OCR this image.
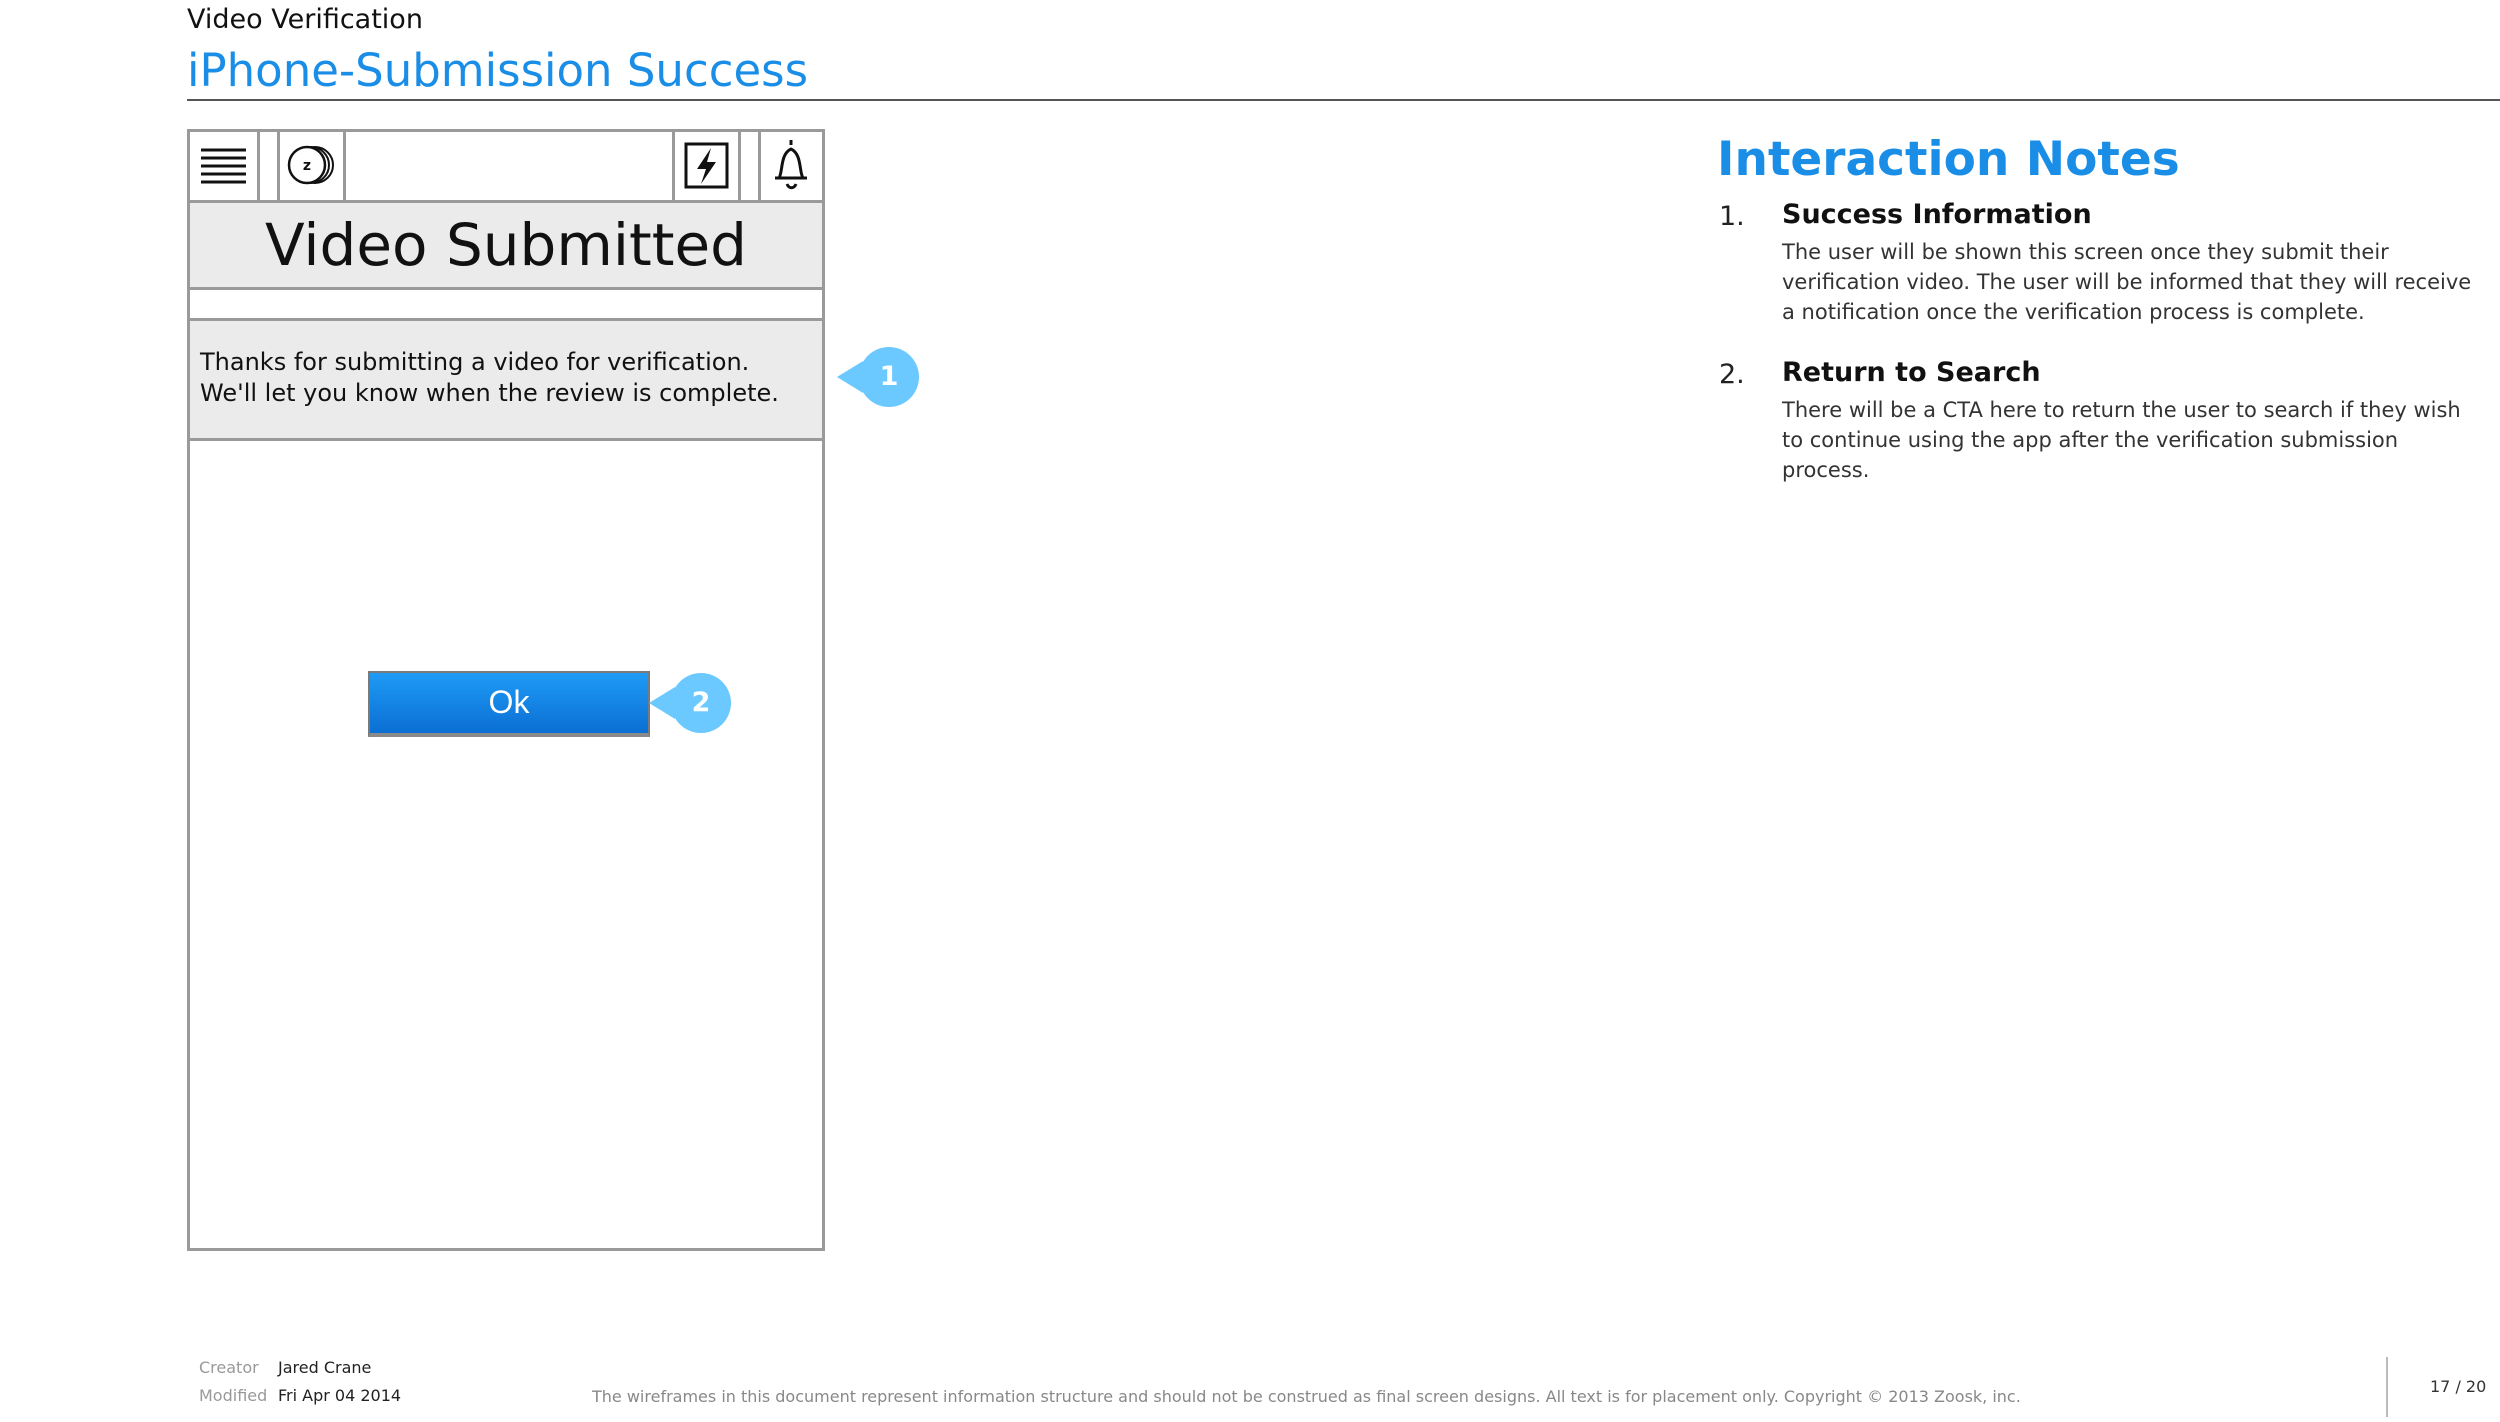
Video Verification
iPhone-Submission Success
z
Video Submitted
Thanks for submitting a video for verification. We'll let you know when the review is complete.
Ok
1
2
Interaction Notes
1. Success Information
The user will be shown this screen once they submit their verification video. The user will be informed that they will receive a notification once the verification process is complete.
2. Return to Search
There will be a CTA here to return the user to search if they wish to continue using the app after the verification submission process.
Creator Jared Crane
Modified Fri Apr 04 2014	The wireframes in this document represent information structure and should not be construed as final screen designs. All text is for placement only. Copyright © 2013 Zoosk, inc.
17 / 20
